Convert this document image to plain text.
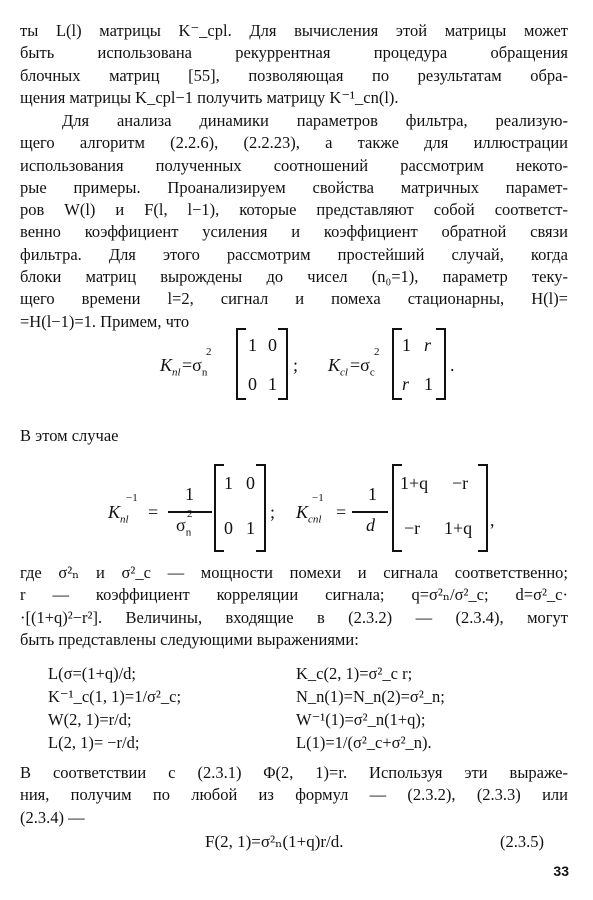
ты L(l) матрицы K⁻_cpl. Для вычисления этой матрицы может
быть использована рекуррентная процедура обращения
блочных матриц [55], позволяющая по результатам обра-
щения матрицы K_cpl−1 получить матрицу K⁻¹_cn(l).
Для анализа динамики параметров фильтра, реализую-
щего алгоритм (2.2.6), (2.2.23), а также для иллюстрации
использования полученных соотношений рассмотрим некото-
рые примеры. Проанализируем свойства матричных парамет-
ров W(l) и F(l, l−1), которые представляют собой соответст-
венно коэффициент усиления и коэффициент обратной связи
фильтра. Для этого рассмотрим простейший случай, когда
блоки матриц вырождены до чисел (n₀=1), параметр теку-
щего времени l=2, сигнал и помеха стационарны, H(l)=
=H(l−1)=1. Примем, что
$K_{nl} =\sigma_n$
2 1 0
0 1
; $K_{cl} =\sigma_c$
2 1 r
r 1
.
В этом случае
$K_{nl}$
−1
=
1
$\sigma_n$
2
1 0
0 1
; $K_{cnl}$
−1
=
1
d
1+q −r
−r 1+q ,
где σ²ₙ и σ²_c — мощности помехи и сигнала соответственно;
r — коэффициент корреляции сигнала; q=σ²ₙ/σ²_c; d=σ²_c·
·[(1+q)²−r²]. Величины, входящие в (2.3.2) — (2.3.4), могут
быть представлены следующими выражениями:
L(σ=(1+q)/d;
K⁻¹_c(1, 1)=1/σ²_c;
W(2, 1)=r/d;
L(2, 1)= −r/d;
K_c(2, 1)=σ²_c r;
N_n(1)=N_n(2)=σ²_n;
W⁻¹(1)=σ²_n(1+q);
L(1)=1/(σ²_c+σ²_n).
В соответствии с (2.3.1) Φ(2, 1)=r. Используя эти выраже-
ния, получим по любой из формул — (2.3.2), (2.3.3) или
(2.3.4) —
F(2, 1)=σ²ₙ(1+q)r/d.	(2.3.5)
33
